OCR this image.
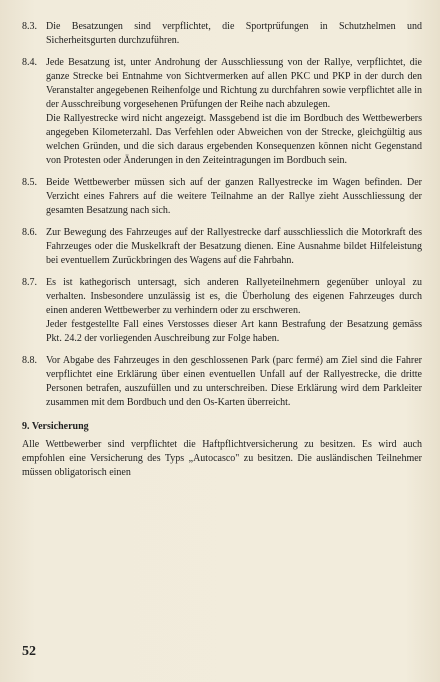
8.3. Die Besatzungen sind verpflichtet, die Sportprüfungen in Schutzhelmen und Sicherheitsgurten durchzuführen.

8.4. Jede Besatzung ist, unter Androhung der Ausschliessung von der Rallye, verpflichtet, die ganze Strecke bei Entnahme von Sichtvermerken auf allen PKC und PKP in der durch den Veranstalter angegebenen Reihenfolge und Richtung zu durchfahren sowie verpflichtet alle in der Ausschreibung vorgesehenen Prüfungen der Reihe nach abzulegen.

Die Rallyestrecke wird nicht angezeigt. Massgebend ist die im Bordbuch des Wettbewerbers angegeben Kilometerzahl. Das Verfehlen oder Abweichen von der Strecke, gleichgültig aus welchen Gründen, und die sich daraus ergebenden Konsequenzen können nicht Gegenstand von Protesten oder Änderungen in den Zeiteintragungen im Bordbuch sein.

8.5. Beide Wettbewerber müssen sich auf der ganzen Rallyestrecke im Wagen befinden. Der Verzicht eines Fahrers auf die weitere Teilnahme an der Rallye zieht Ausschliessung der gesamten Besatzung nach sich.

8.6. Zur Bewegung des Fahrzeuges auf der Rallyestrecke darf ausschliesslich die Motorkraft des Fahrzeuges oder die Muskelkraft der Besatzung dienen. Eine Ausnahme bildet Hilfeleistung bei eventuellem Zurückbringen des Wagens auf die Fahrbahn.

8.7. Es ist kathegorisch untersagt, sich anderen Rallyeteilnehmern gegenüber unloyal zu verhalten. Insbesondere unzulässig ist es, die Überholung des eigenen Fahrzeuges durch einen anderen Wettbewerber zu verhindern oder zu erschweren.

Jeder festgestellte Fall eines Verstosses dieser Art kann Bestrafung der Besatzung gemäss Pkt. 24.2 der vorliegenden Auschreibung zur Folge haben.

8.8. Vor Abgabe des Fahrzeuges in den geschlossenen Park (parc fermé) am Ziel sind die Fahrer verpflichtet eine Erklärung über einen eventuellen Unfall auf der Rallyestrecke, die dritte Personen betrafen, auszufüllen und zu unterschreiben. Diese Erklärung wird dem Parkleiter zusammen mit dem Bordbuch und den Os-Karten überreicht.

9. Versicherung

Alle Wettbewerber sind verpflichtet die Haftpflichtversicherung zu besitzen. Es wird auch empfohlen eine Versicherung des Typs „Autocasco" zu besitzen. Die ausländischen Teilnehmer müssen obligatorisch einen

52
